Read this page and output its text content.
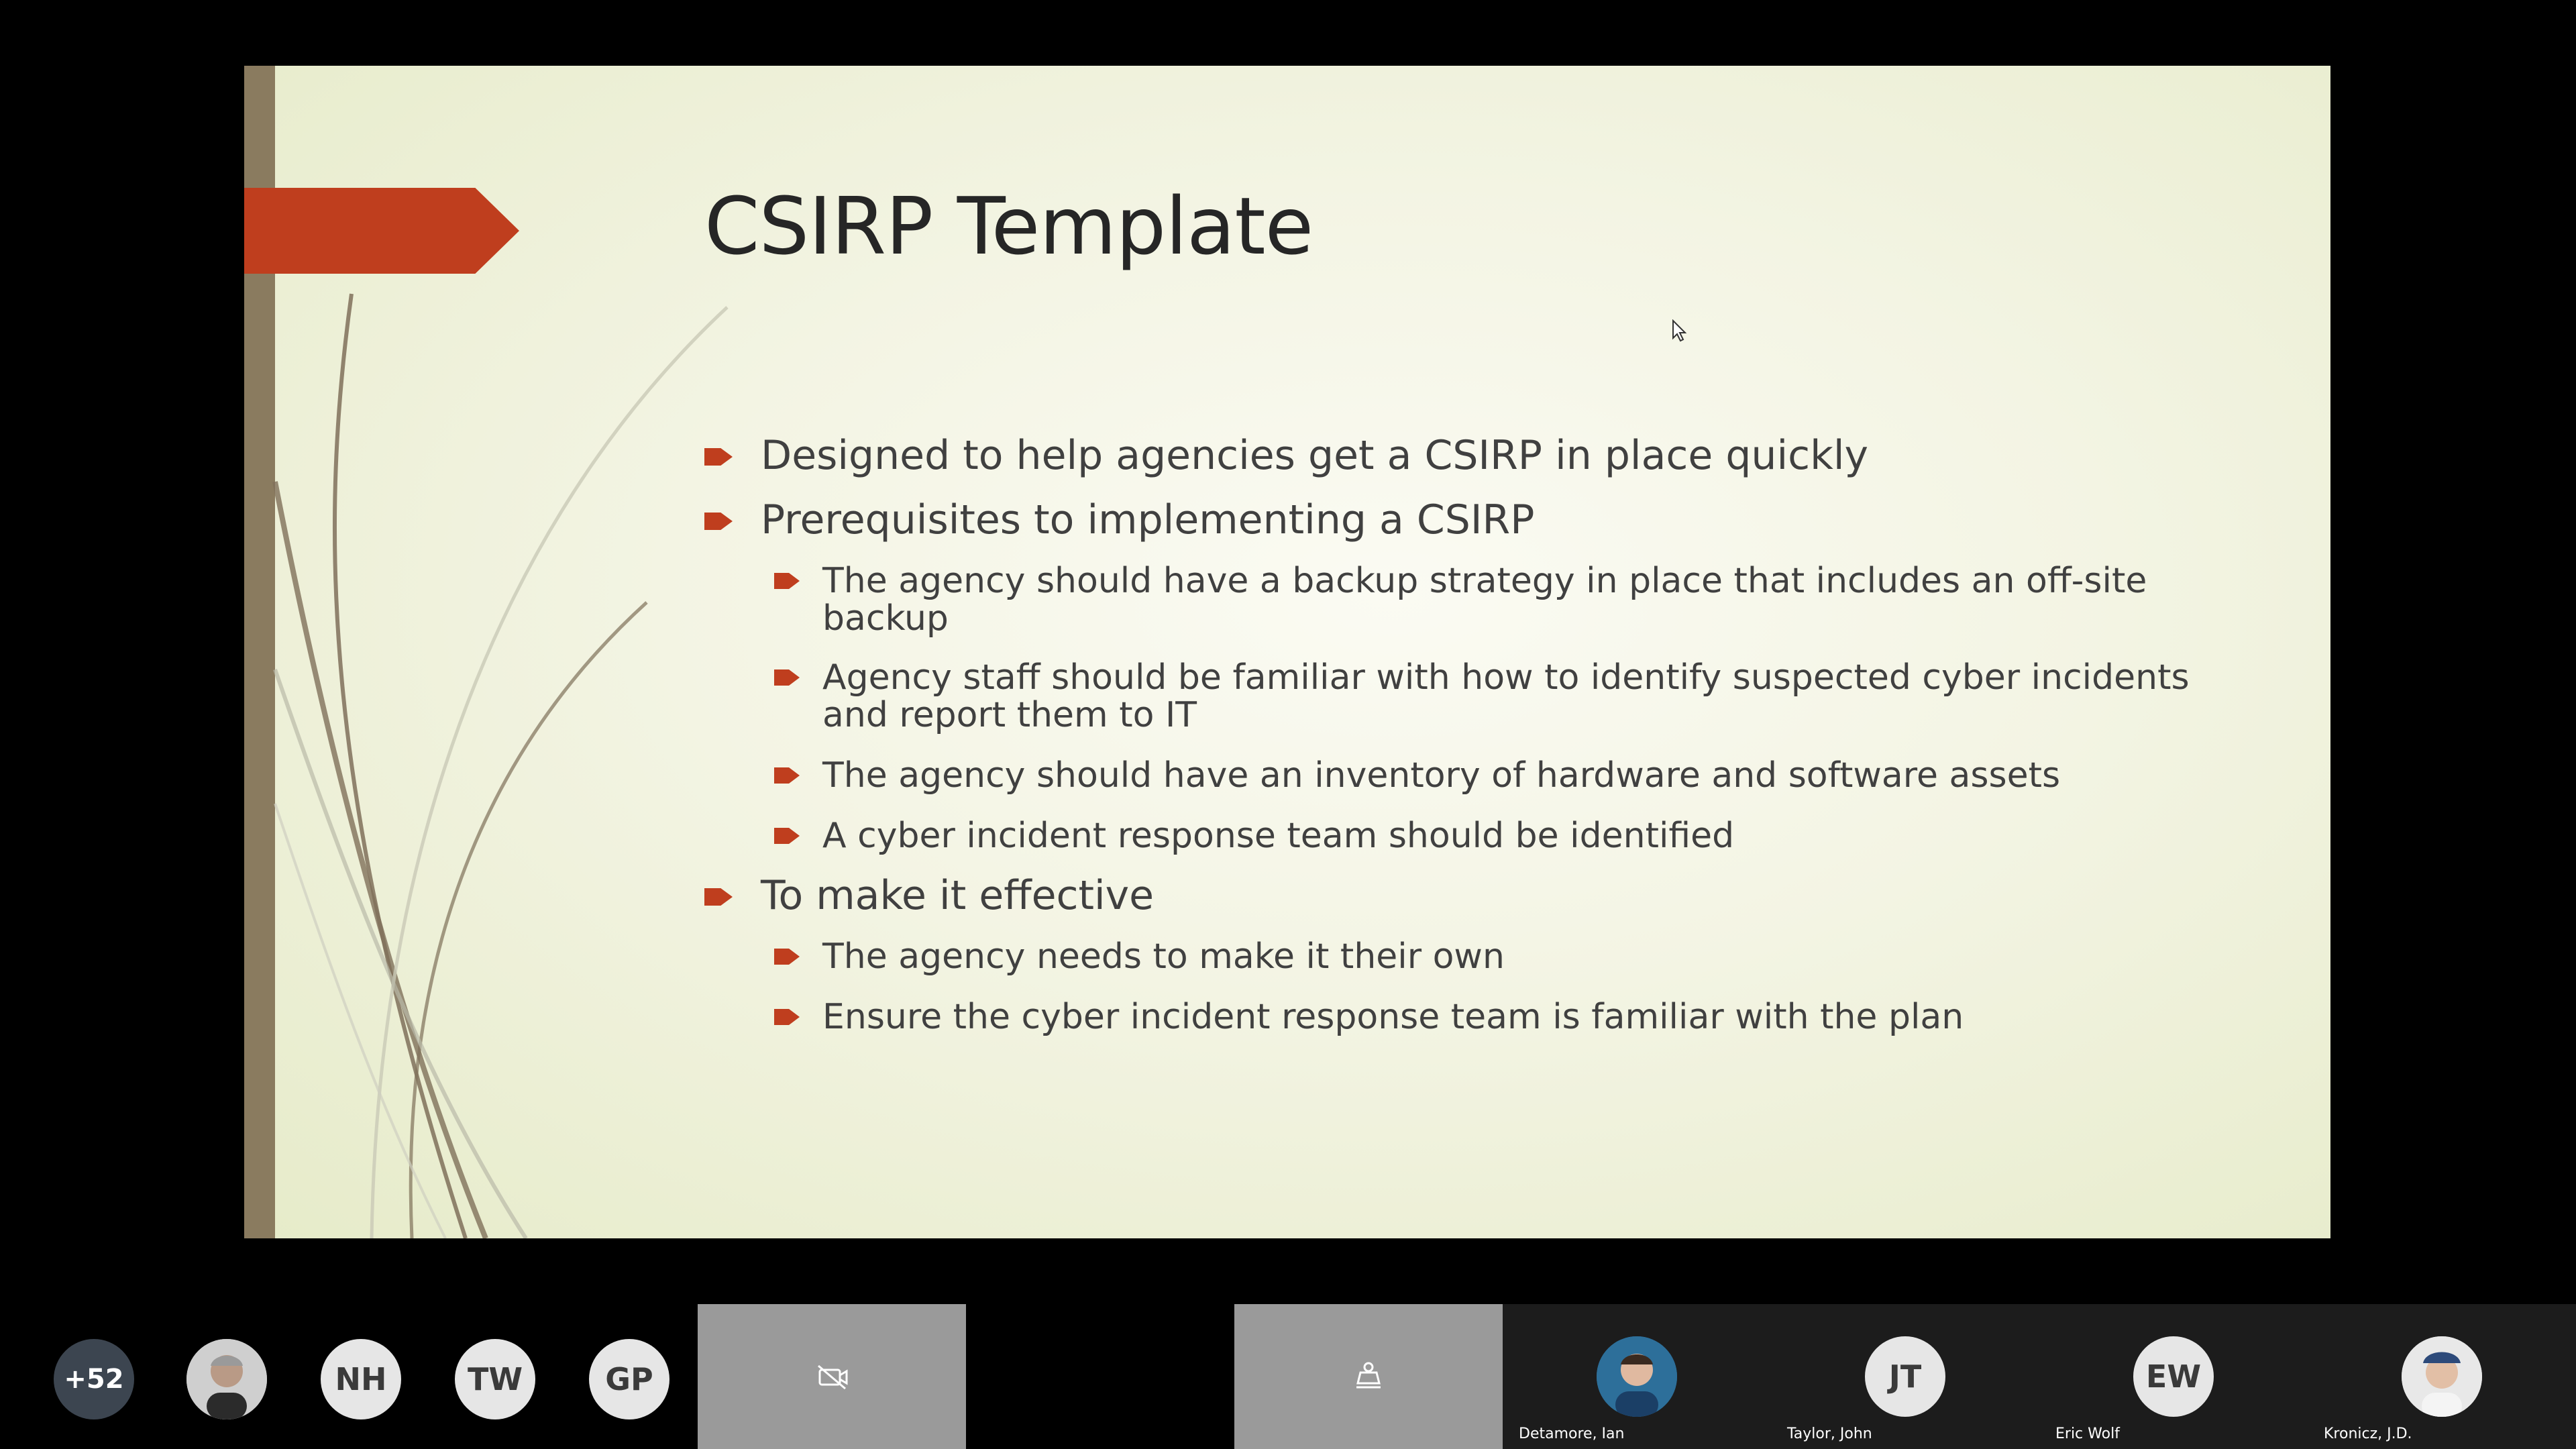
CSIRP Template
Designed to help agencies get a CSIRP in place quickly
Prerequisites to implementing a CSIRP
The agency should have a backup strategy in place that includes an off-site
backup
Agency staff should be familiar with how to identify suspected cyber incidents
and report them to IT
The agency should have an inventory of hardware and software assets
A cyber incident response team should be identified
To make it effective
The agency needs to make it their own
Ensure the cyber incident response team is familiar with the plan
+52	NH	TW	GP
Detamore, Ian
JT
Taylor, John
EW
Eric Wolf	Kronicz, J.D.
